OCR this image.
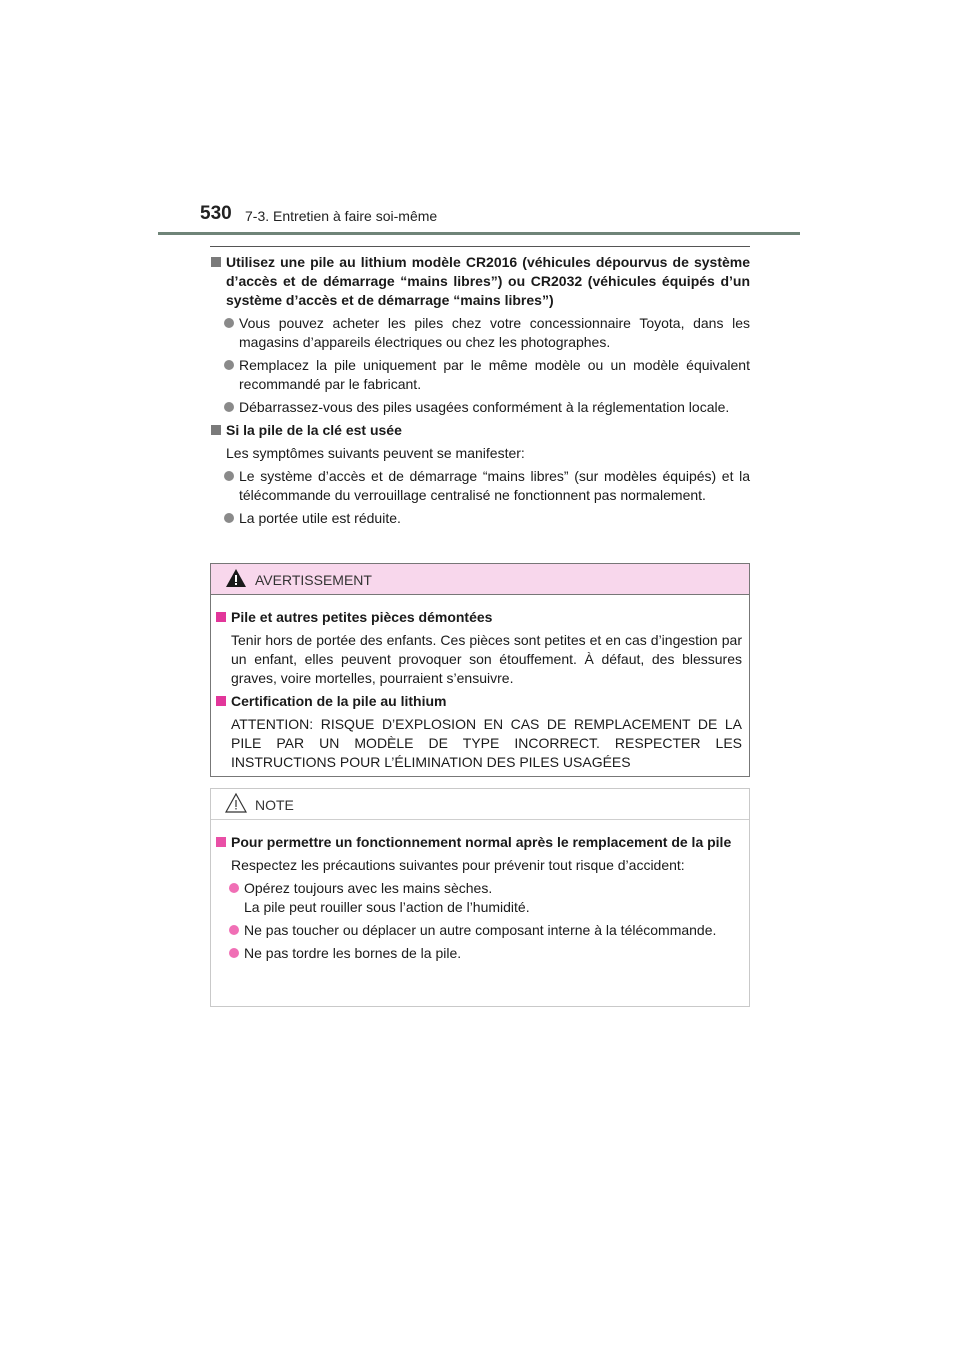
530 7-3. Entretien à faire soi-même
Utilisez une pile au lithium modèle CR2016 (véhicules dépourvus de système d’accès et de démarrage “mains libres”) ou CR2032 (véhicules équipés d’un système d’accès et de démarrage “mains libres”)
Vous pouvez acheter les piles chez votre concessionnaire Toyota, dans les magasins d’appareils électriques ou chez les photographes.
Remplacez la pile uniquement par le même modèle ou un modèle équivalent recommandé par le fabricant.
Débarrassez-vous des piles usagées conformément à la réglementation locale.
Si la pile de la clé est usée
Les symptômes suivants peuvent se manifester:
Le système d’accès et de démarrage “mains libres” (sur modèles équipés) et la télécommande du verrouillage centralisé ne fonctionnent pas normalement.
La portée utile est réduite.
AVERTISSEMENT
Pile et autres petites pièces démontées
Tenir hors de portée des enfants. Ces pièces sont petites et en cas d’ingestion par un enfant, elles peuvent provoquer son étouffement. À défaut, des blessures graves, voire mortelles, pourraient s’ensuivre.
Certification de la pile au lithium
ATTENTION: RISQUE D’EXPLOSION EN CAS DE REMPLACEMENT DE LA PILE PAR UN MODÈLE DE TYPE INCORRECT. RESPECTER LES INSTRUCTIONS POUR L’ÉLIMINATION DES PILES USAGÉES
NOTE
Pour permettre un fonctionnement normal après le remplacement de la pile
Respectez les précautions suivantes pour prévenir tout risque d’accident:
Opérez toujours avec les mains sèches.
La pile peut rouiller sous l’action de l’humidité.
Ne pas toucher ou déplacer un autre composant interne à la télécommande.
Ne pas tordre les bornes de la pile.
